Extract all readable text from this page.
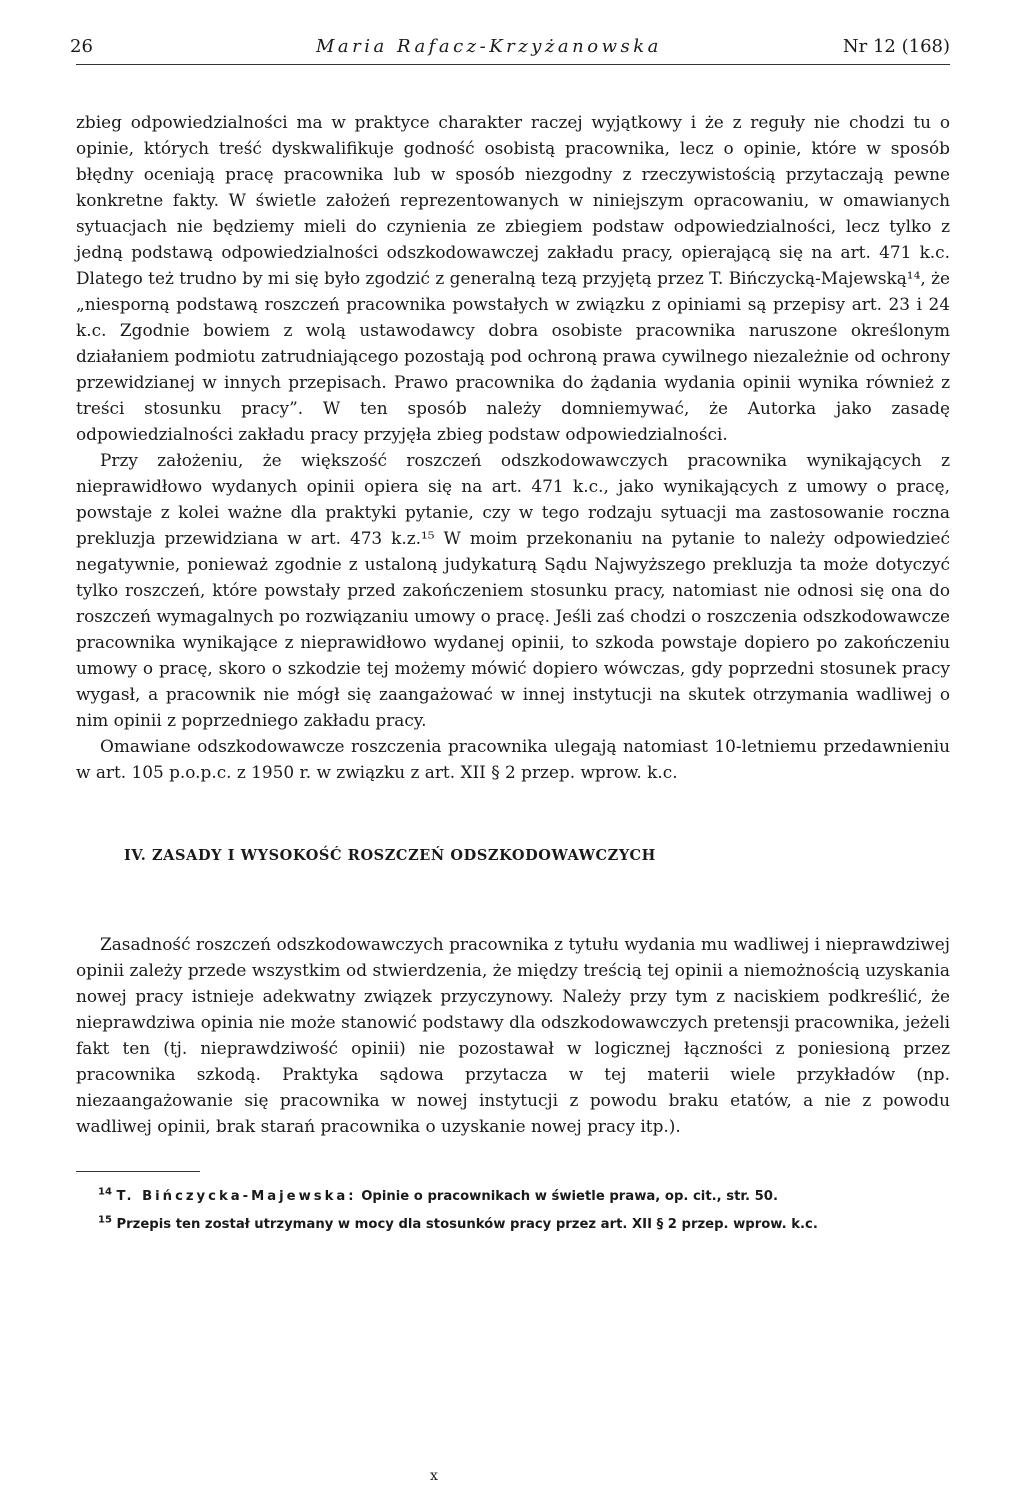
26	Maria Rafacz-Krzyżanowska	Nr 12 (168)

zbieg odpowiedzialności ma w praktyce charakter raczej wyjątkowy i że z reguły nie chodzi tu o opinie, których treść dyskwalifikuje godność osobistą pracownika, lecz o opinie, które w sposób błędny oceniają pracę pracownika lub w sposób niezgodny z rzeczywistością przytaczają pewne konkretne fakty. W świetle założeń reprezentowanych w niniejszym opracowaniu, w omawianych sytuacjach nie będziemy mieli do czynienia ze zbiegiem podstaw odpowiedzialności, lecz tylko z jedną podstawą odpowiedzialności odszkodowawczej zakładu pracy, opierającą się na art. 471 k.c. Dlatego też trudno by mi się było zgodzić z generalną tezą przyjętą przez T. Bińczycką-Majewską¹⁴, że „niesporną podstawą roszczeń pracownika powstałych w związku z opiniami są przepisy art. 23 i 24 k.c. Zgodnie bowiem z wolą ustawodawcy dobra osobiste pracownika naruszone określonym działaniem podmiotu zatrudniającego pozostają pod ochroną prawa cywilnego niezależnie od ochrony przewidzianej w innych przepisach. Prawo pracownika do żądania wydania opinii wynika również z treści stosunku pracy”. W ten sposób należy domniemywać, że Autorka jako zasadę odpowiedzialności zakładu pracy przyjęła zbieg podstaw odpowiedzialności.

Przy założeniu, że większość roszczeń odszkodowawczych pracownika wynikających z nieprawidłowo wydanych opinii opiera się na art. 471 k.c., jako wynikających z umowy o pracę, powstaje z kolei ważne dla praktyki pytanie, czy w tego rodzaju sytuacji ma zastosowanie roczna prekluzja przewidziana w art. 473 k.z.¹⁵ W moim przekonaniu na pytanie to należy odpowiedzieć negatywnie, ponieważ zgodnie z ustaloną judykaturą Sądu Najwyższego prekluzja ta może dotyczyć tylko roszczeń, które powstały przed zakończeniem stosunku pracy, natomiast nie odnosi się ona do roszczeń wymagalnych po rozwiązaniu umowy o pracę. Jeśli zaś chodzi o roszczenia odszkodowawcze pracownika wynikające z nieprawidłowo wydanej opinii, to szkoda powstaje dopiero po zakończeniu umowy o pracę, skoro o szkodzie tej możemy mówić dopiero wówczas, gdy poprzedni stosunek pracy wygasł, a pracownik nie mógł się zaangażować w innej instytucji na skutek otrzymania wadliwej o nim opinii z poprzedniego zakładu pracy.

Omawiane odszkodowawcze roszczenia pracownika ulegają natomiast 10-letniemu przedawnieniu w art. 105 p.o.p.c. z 1950 r. w związku z art. XII § 2 przep. wprow. k.c.

IV. ZASADY I WYSOKOŚĆ ROSZCZEŃ ODSZKODOWAWCZYCH

Zasadność roszczeń odszkodowawczych pracownika z tytułu wydania mu wadliwej i nieprawdziwej opinii zależy przede wszystkim od stwierdzenia, że między treścią tej opinii a niemożnością uzyskania nowej pracy istnieje adekwatny związek przyczynowy. Należy przy tym z naciskiem podkreślić, że nieprawdziwa opinia nie może stanowić podstawy dla odszkodowawczych pretensji pracownika, jeżeli fakt ten (tj. nieprawdziwość opinii) nie pozostawał w logicznej łączności z poniesioną przez pracownika szkodą. Praktyka sądowa przytacza w tej materii wiele przykładów (np. niezaangażowanie się pracownika w nowej instytucji z powodu braku etatów, a nie z powodu wadliwej opinii, brak starań pracownika o uzyskanie nowej pracy itp.).

$^{14}$ T. Bińczycka-Majewska: Opinie o pracownikach w świetle prawa, op. cit., str. 50.
$^{15}$ Przepis ten został utrzymany w mocy dla stosunków pracy przez art. XII § 2 przep. wprow. k.c.
x
